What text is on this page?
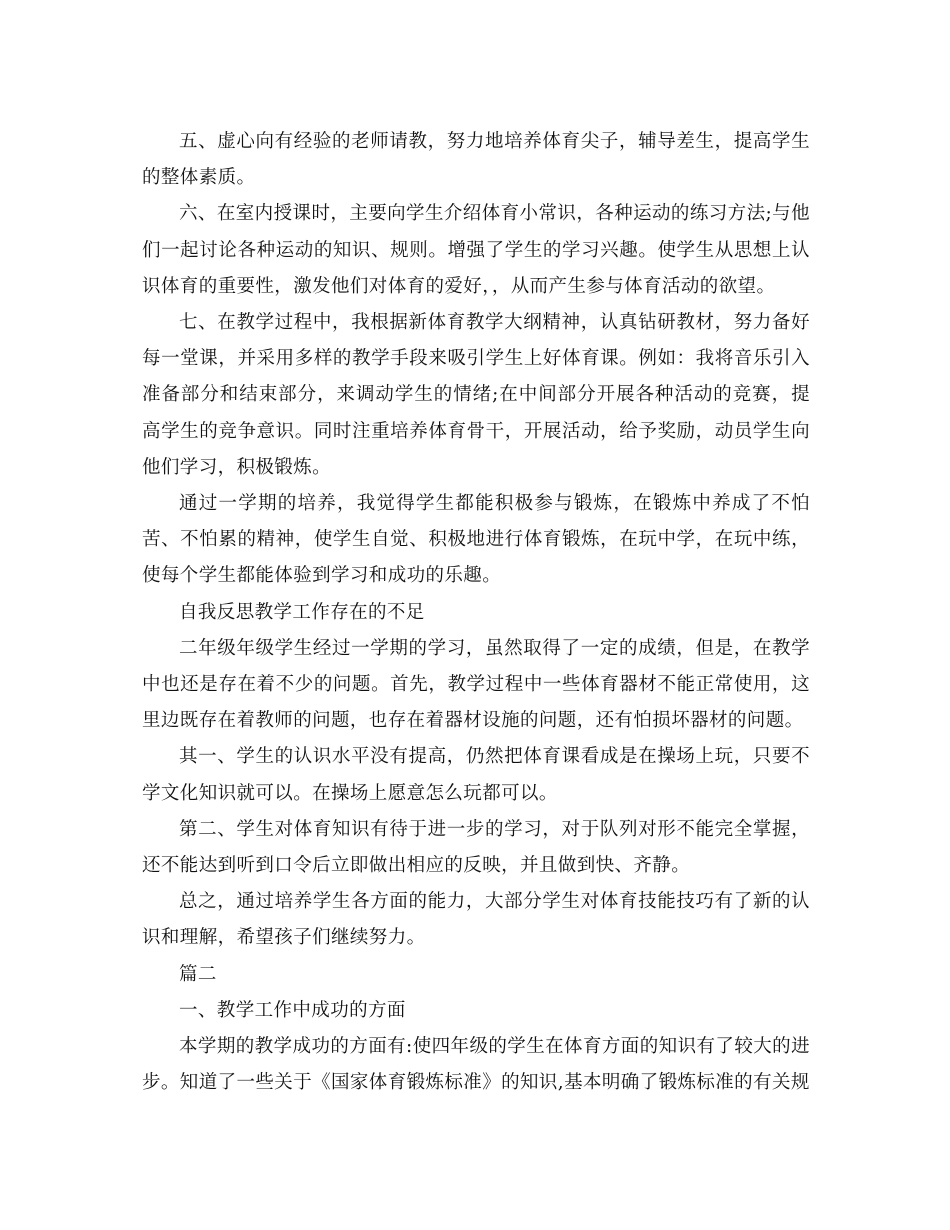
五、虚心向有经验的老师请教，努力地培养体育尖子，辅导差生，提高学生的整体素质。

六、在室内授课时，主要向学生介绍体育小常识，各种运动的练习方法;与他们一起讨论各种运动的知识、规则。增强了学生的学习兴趣。使学生从思想上认识体育的重要性，激发他们对体育的爱好，，从而产生参与体育活动的欲望。

七、在教学过程中，我根据新体育教学大纲精神，认真钻研教材，努力备好每一堂课，并采用多样的教学手段来吸引学生上好体育课。例如：我将音乐引入准备部分和结束部分，来调动学生的情绪;在中间部分开展各种活动的竞赛，提高学生的竞争意识。同时注重培养体育骨干，开展活动，给予奖励，动员学生向他们学习，积极锻炼。

通过一学期的培养，我觉得学生都能积极参与锻炼，在锻炼中养成了不怕苦、不怕累的精神，使学生自觉、积极地进行体育锻炼，在玩中学，在玩中练，使每个学生都能体验到学习和成功的乐趣。

自我反思教学工作存在的不足

二年级年级学生经过一学期的学习，虽然取得了一定的成绩，但是，在教学中也还是存在着不少的问题。首先，教学过程中一些体育器材不能正常使用，这里边既存在着教师的问题，也存在着器材设施的问题，还有怕损坏器材的问题。

其一、学生的认识水平没有提高，仍然把体育课看成是在操场上玩，只要不学文化知识就可以。在操场上愿意怎么玩都可以。

第二、学生对体育知识有待于进一步的学习，对于队列对形不能完全掌握，还不能达到听到口令后立即做出相应的反映，并且做到快、齐静。

总之，通过培养学生各方面的能力，大部分学生对体育技能技巧有了新的认识和理解，希望孩子们继续努力。

篇二

一、教学工作中成功的方面

本学期的教学成功的方面有:使四年级的学生在体育方面的知识有了较大的进步。知道了一些关于《国家体育锻炼标准》的知识,基本明确了锻炼标准的有关规
